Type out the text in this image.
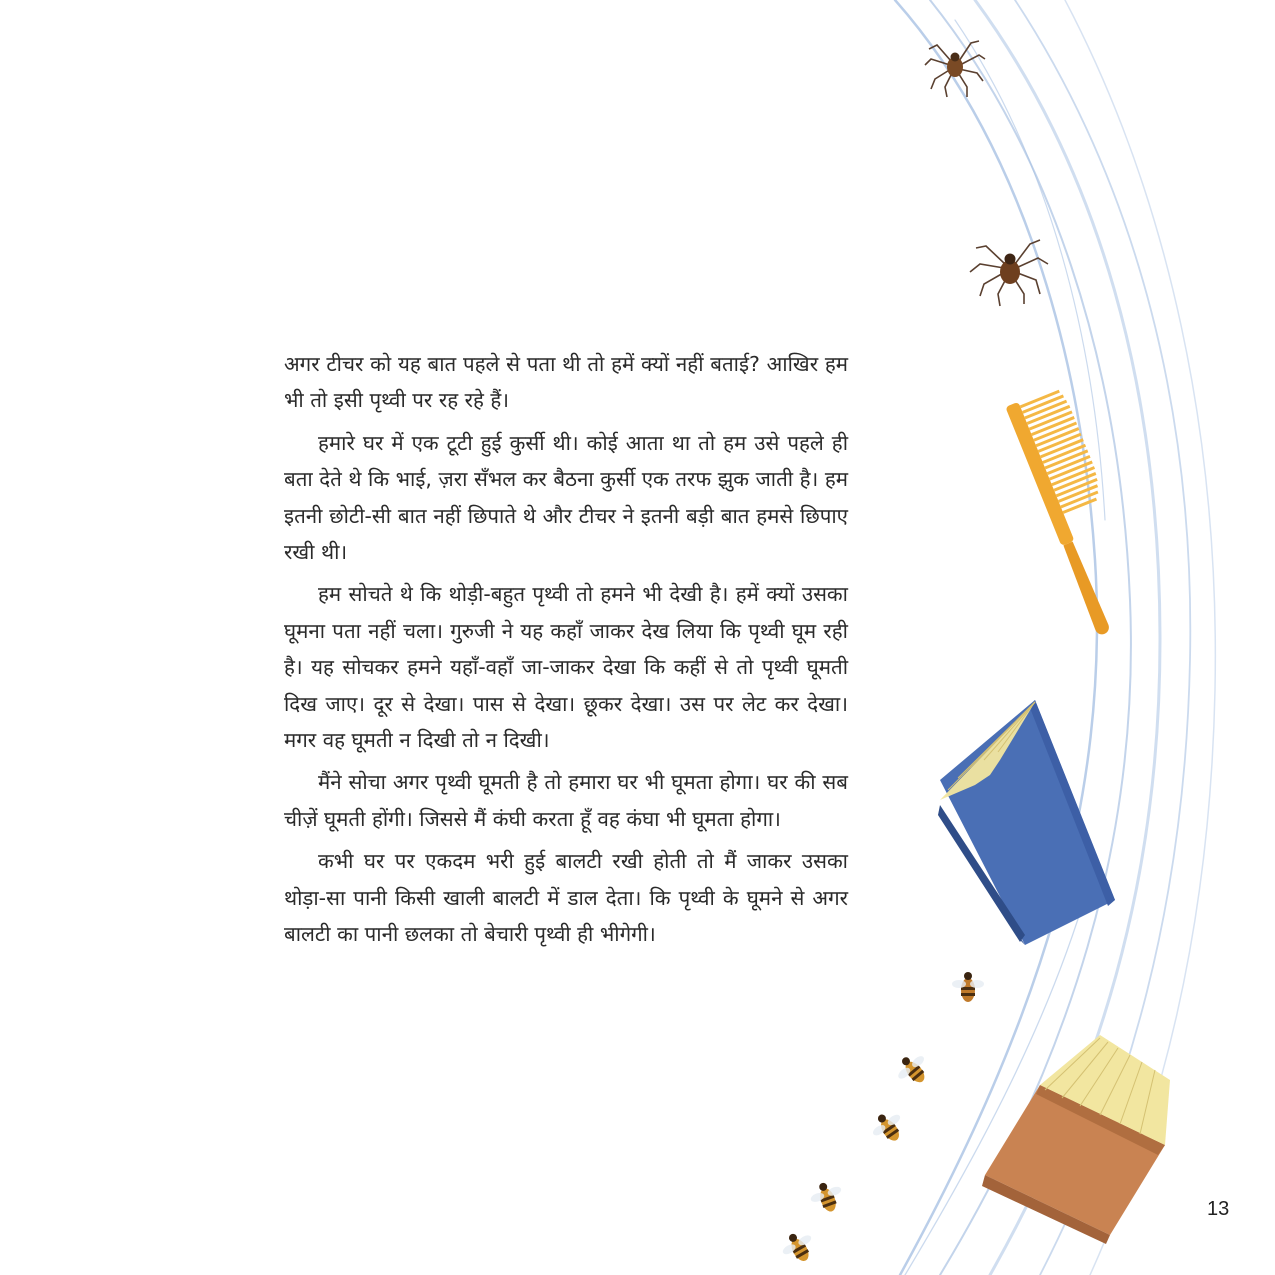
अगर टीचर को यह बात पहले से पता थी तो हमें क्यों नहीं बताई? आखिर हम भी तो इसी पृथ्वी पर रह रहे हैं।

हमारे घर में एक टूटी हुई कुर्सी थी। कोई आता था तो हम उसे पहले ही बता देते थे कि भाई, ज़रा सँभल कर बैठना कुर्सी एक तरफ झुक जाती है। हम इतनी छोटी-सी बात नहीं छिपाते थे और टीचर ने इतनी बड़ी बात हमसे छिपाए रखी थी।

हम सोचते थे कि थोड़ी-बहुत पृथ्वी तो हमने भी देखी है। हमें क्यों उसका घूमना पता नहीं चला। गुरुजी ने यह कहाँ जाकर देख लिया कि पृथ्वी घूम रही है। यह सोचकर हमने यहाँ-वहाँ जा-जाकर देखा कि कहीं से तो पृथ्वी घूमती दिख जाए। दूर से देखा। पास से देखा। छूकर देखा। उस पर लेट कर देखा। मगर वह घूमती न दिखी तो न दिखी।

मैंने सोचा अगर पृथ्वी घूमती है तो हमारा घर भी घूमता होगा। घर की सब चीज़ें घूमती होंगी। जिससे मैं कंघी करता हूँ वह कंघा भी घूमता होगा।

कभी घर पर एकदम भरी हुई बालटी रखी होती तो मैं जाकर उसका थोड़ा-सा पानी किसी खाली बालटी में डाल देता। कि पृथ्वी के घूमने से अगर बालटी का पानी छलका तो बेचारी पृथ्वी ही भीगेगी।

13
